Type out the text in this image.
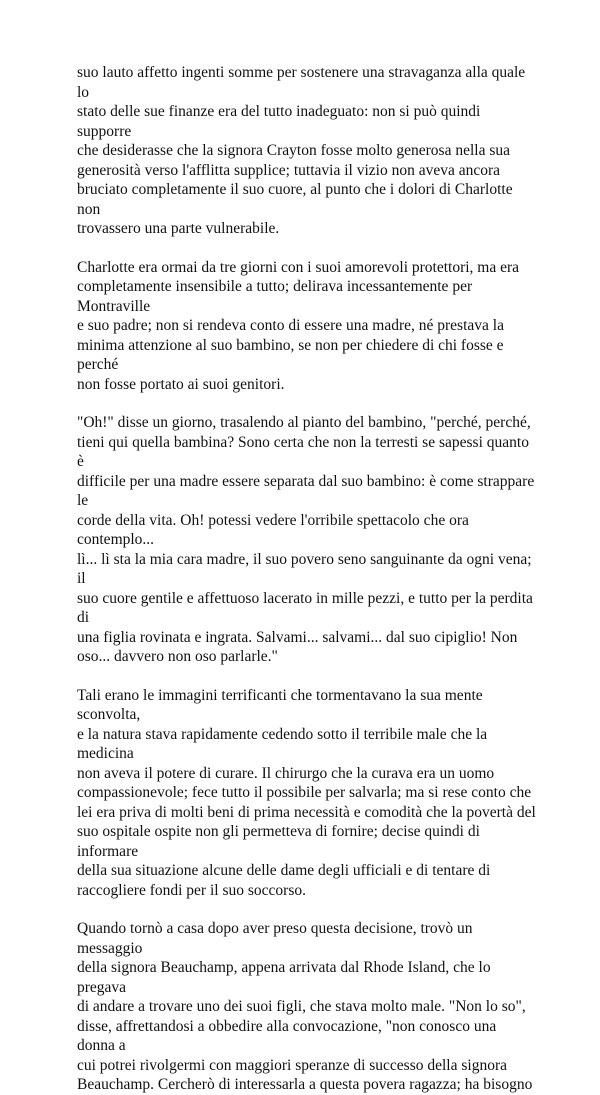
suo lauto affetto ingenti somme per sostenere una stravaganza alla quale lo
stato delle sue finanze era del tutto inadeguato: non si può quindi supporre
che desiderasse che la signora Crayton fosse molto generosa nella sua
generosità verso l'afflitta supplice; tuttavia il vizio non aveva ancora
bruciato completamente il suo cuore, al punto che i dolori di Charlotte non
trovassero una parte vulnerabile.

Charlotte era ormai da tre giorni con i suoi amorevoli protettori, ma era
completamente insensibile a tutto; delirava incessantemente per Montraville
e suo padre; non si rendeva conto di essere una madre, né prestava la
minima attenzione al suo bambino, se non per chiedere di chi fosse e perché
non fosse portato ai suoi genitori.

"Oh!" disse un giorno, trasalendo al pianto del bambino, "perché, perché,
tieni qui quella bambina? Sono certa che non la terresti se sapessi quanto è
difficile per una madre essere separata dal suo bambino: è come strappare le
corde della vita. Oh! potessi vedere l'orribile spettacolo che ora contemplo...
lì... lì sta la mia cara madre, il suo povero seno sanguinante da ogni vena; il
suo cuore gentile e affettuoso lacerato in mille pezzi, e tutto per la perdita di
una figlia rovinata e ingrata. Salvami... salvami... dal suo cipiglio! Non
oso... davvero non oso parlarle."

Tali erano le immagini terrificanti che tormentavano la sua mente sconvolta,
e la natura stava rapidamente cedendo sotto il terribile male che la medicina
non aveva il potere di curare. Il chirurgo che la curava era un uomo
compassionevole; fece tutto il possibile per salvarla; ma si rese conto che
lei era priva di molti beni di prima necessità e comodità che la povertà del
suo ospitale ospite non gli permetteva di fornire; decise quindi di informare
della sua situazione alcune delle dame degli ufficiali e di tentare di
raccogliere fondi per il suo soccorso.

Quando tornò a casa dopo aver preso questa decisione, trovò un messaggio
della signora Beauchamp, appena arrivata dal Rhode Island, che lo pregava
di andare a trovare uno dei suoi figli, che stava molto male. "Non lo so",
disse, affrettandosi a obbedire alla convocazione, "non conosco una donna a
cui potrei rivolgermi con maggiori speranze di successo della signora
Beauchamp. Cercherò di interessarla a questa povera ragazza; ha bisogno
